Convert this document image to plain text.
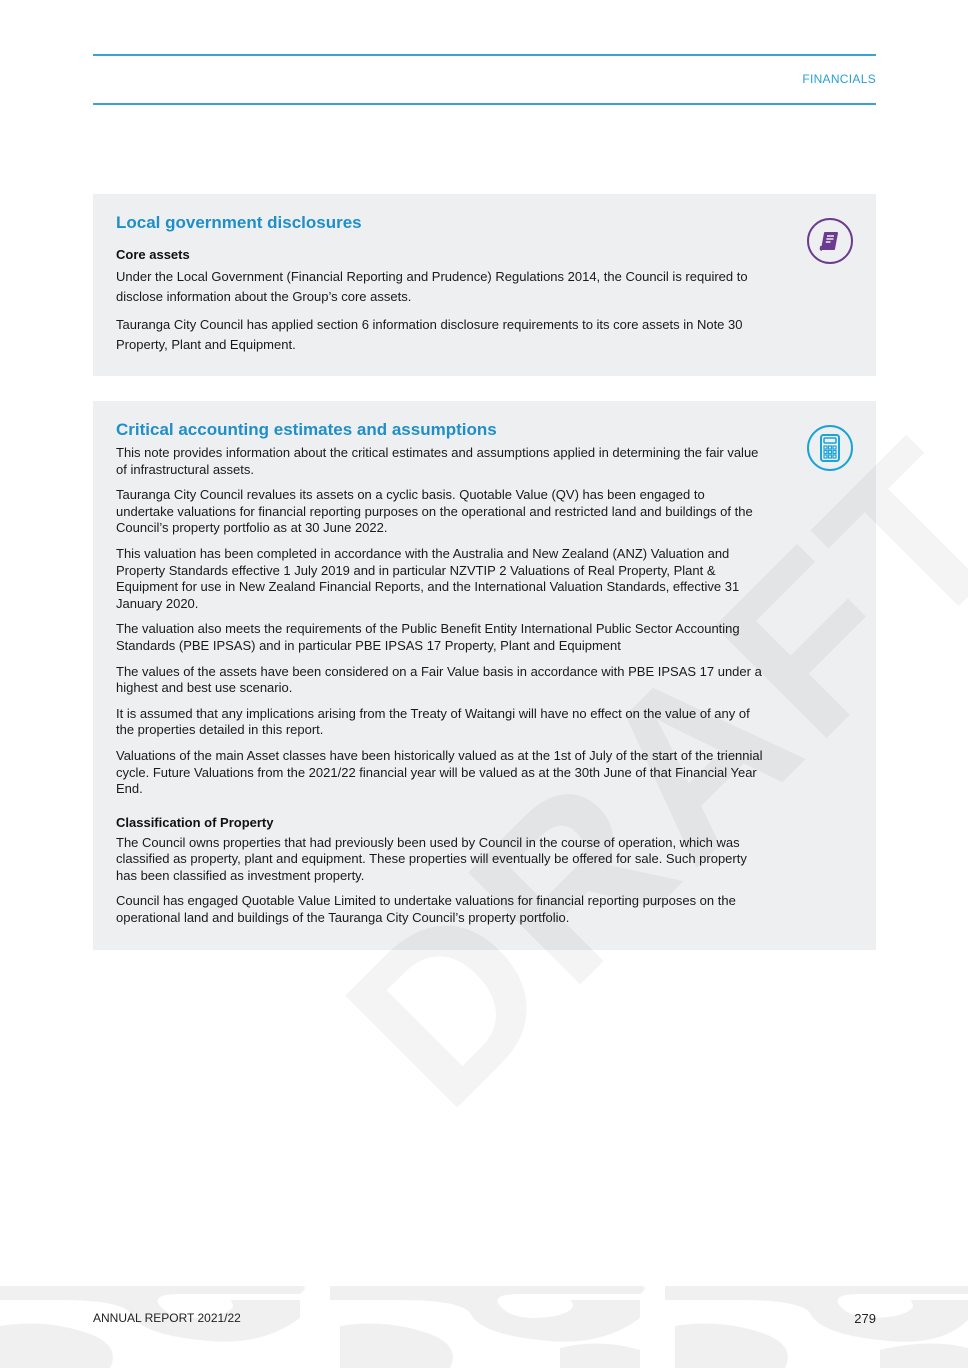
FINANCIALS
Local government disclosures
Core assets

Under the Local Government (Financial Reporting and Prudence) Regulations 2014, the Council is required to disclose information about the Group’s core assets.

Tauranga City Council has applied section 6 information disclosure requirements to its core assets in Note 30 Property, Plant and Equipment.

Critical accounting estimates and assumptions

This note provides information about the critical estimates and assumptions applied in determining the fair value of infrastructural assets.

Tauranga City Council revalues its assets on a cyclic basis. Quotable Value (QV) has been engaged to undertake valuations for financial reporting purposes on the operational and restricted land and buildings of the Council’s property portfolio as at 30 June 2022.

This valuation has been completed in accordance with the Australia and New Zealand (ANZ) Valuation and Property Standards effective 1 July 2019 and in particular NZVTIP 2 Valuations of Real Property, Plant & Equipment for use in New Zealand Financial Reports, and the International Valuation Standards, effective 31 January 2020.

The valuation also meets the requirements of the Public Benefit Entity International Public Sector Accounting Standards (PBE IPSAS) and in particular PBE IPSAS 17 Property, Plant and Equipment

The values of the assets have been considered on a Fair Value basis in accordance with PBE IPSAS 17 under a highest and best use scenario.

It is assumed that any implications arising from the Treaty of Waitangi will have no effect on the value of any of the properties detailed in this report.

Valuations of the main Asset classes have been historically valued as at the 1st of July of the start of the triennial cycle. Future Valuations from the 2021/22 financial year will be valued as at the 30th June of that Financial Year End.

Classification of Property

The Council owns properties that had previously been used by Council in the course of operation, which was classified as property, plant and equipment. These properties will eventually be offered for sale. Such property has been classified as investment property.

Council has engaged Quotable Value Limited to undertake valuations for financial reporting purposes on the operational land and buildings of the Tauranga City Council’s property portfolio.

ANNUAL REPORT 2021/22	279
